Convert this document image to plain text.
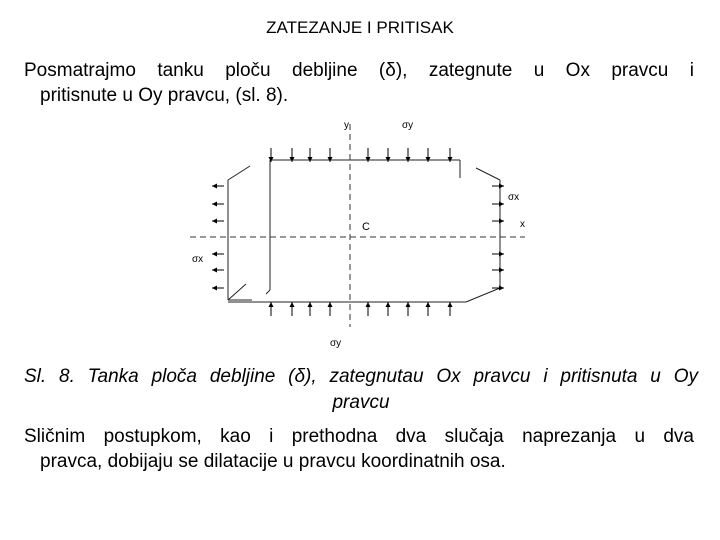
ZATEZANJE I PRITISAK
Posmatrajmo tanku ploču debljine (δ), zategnute u Ox pravcu i
pritisnute u Oy pravcu, (sl. 8).
y	σy
σx
x
C
σx
σy
Sl. 8. Tanka ploča debljine (δ), zategnutau Ox pravcu i pritisnuta u Oy
pravcu
Sličnim postupkom, kao i prethodna dva slučaja naprezanja u dva
pravca, dobijaju se dilatacije u pravcu koordinatnih osa.
